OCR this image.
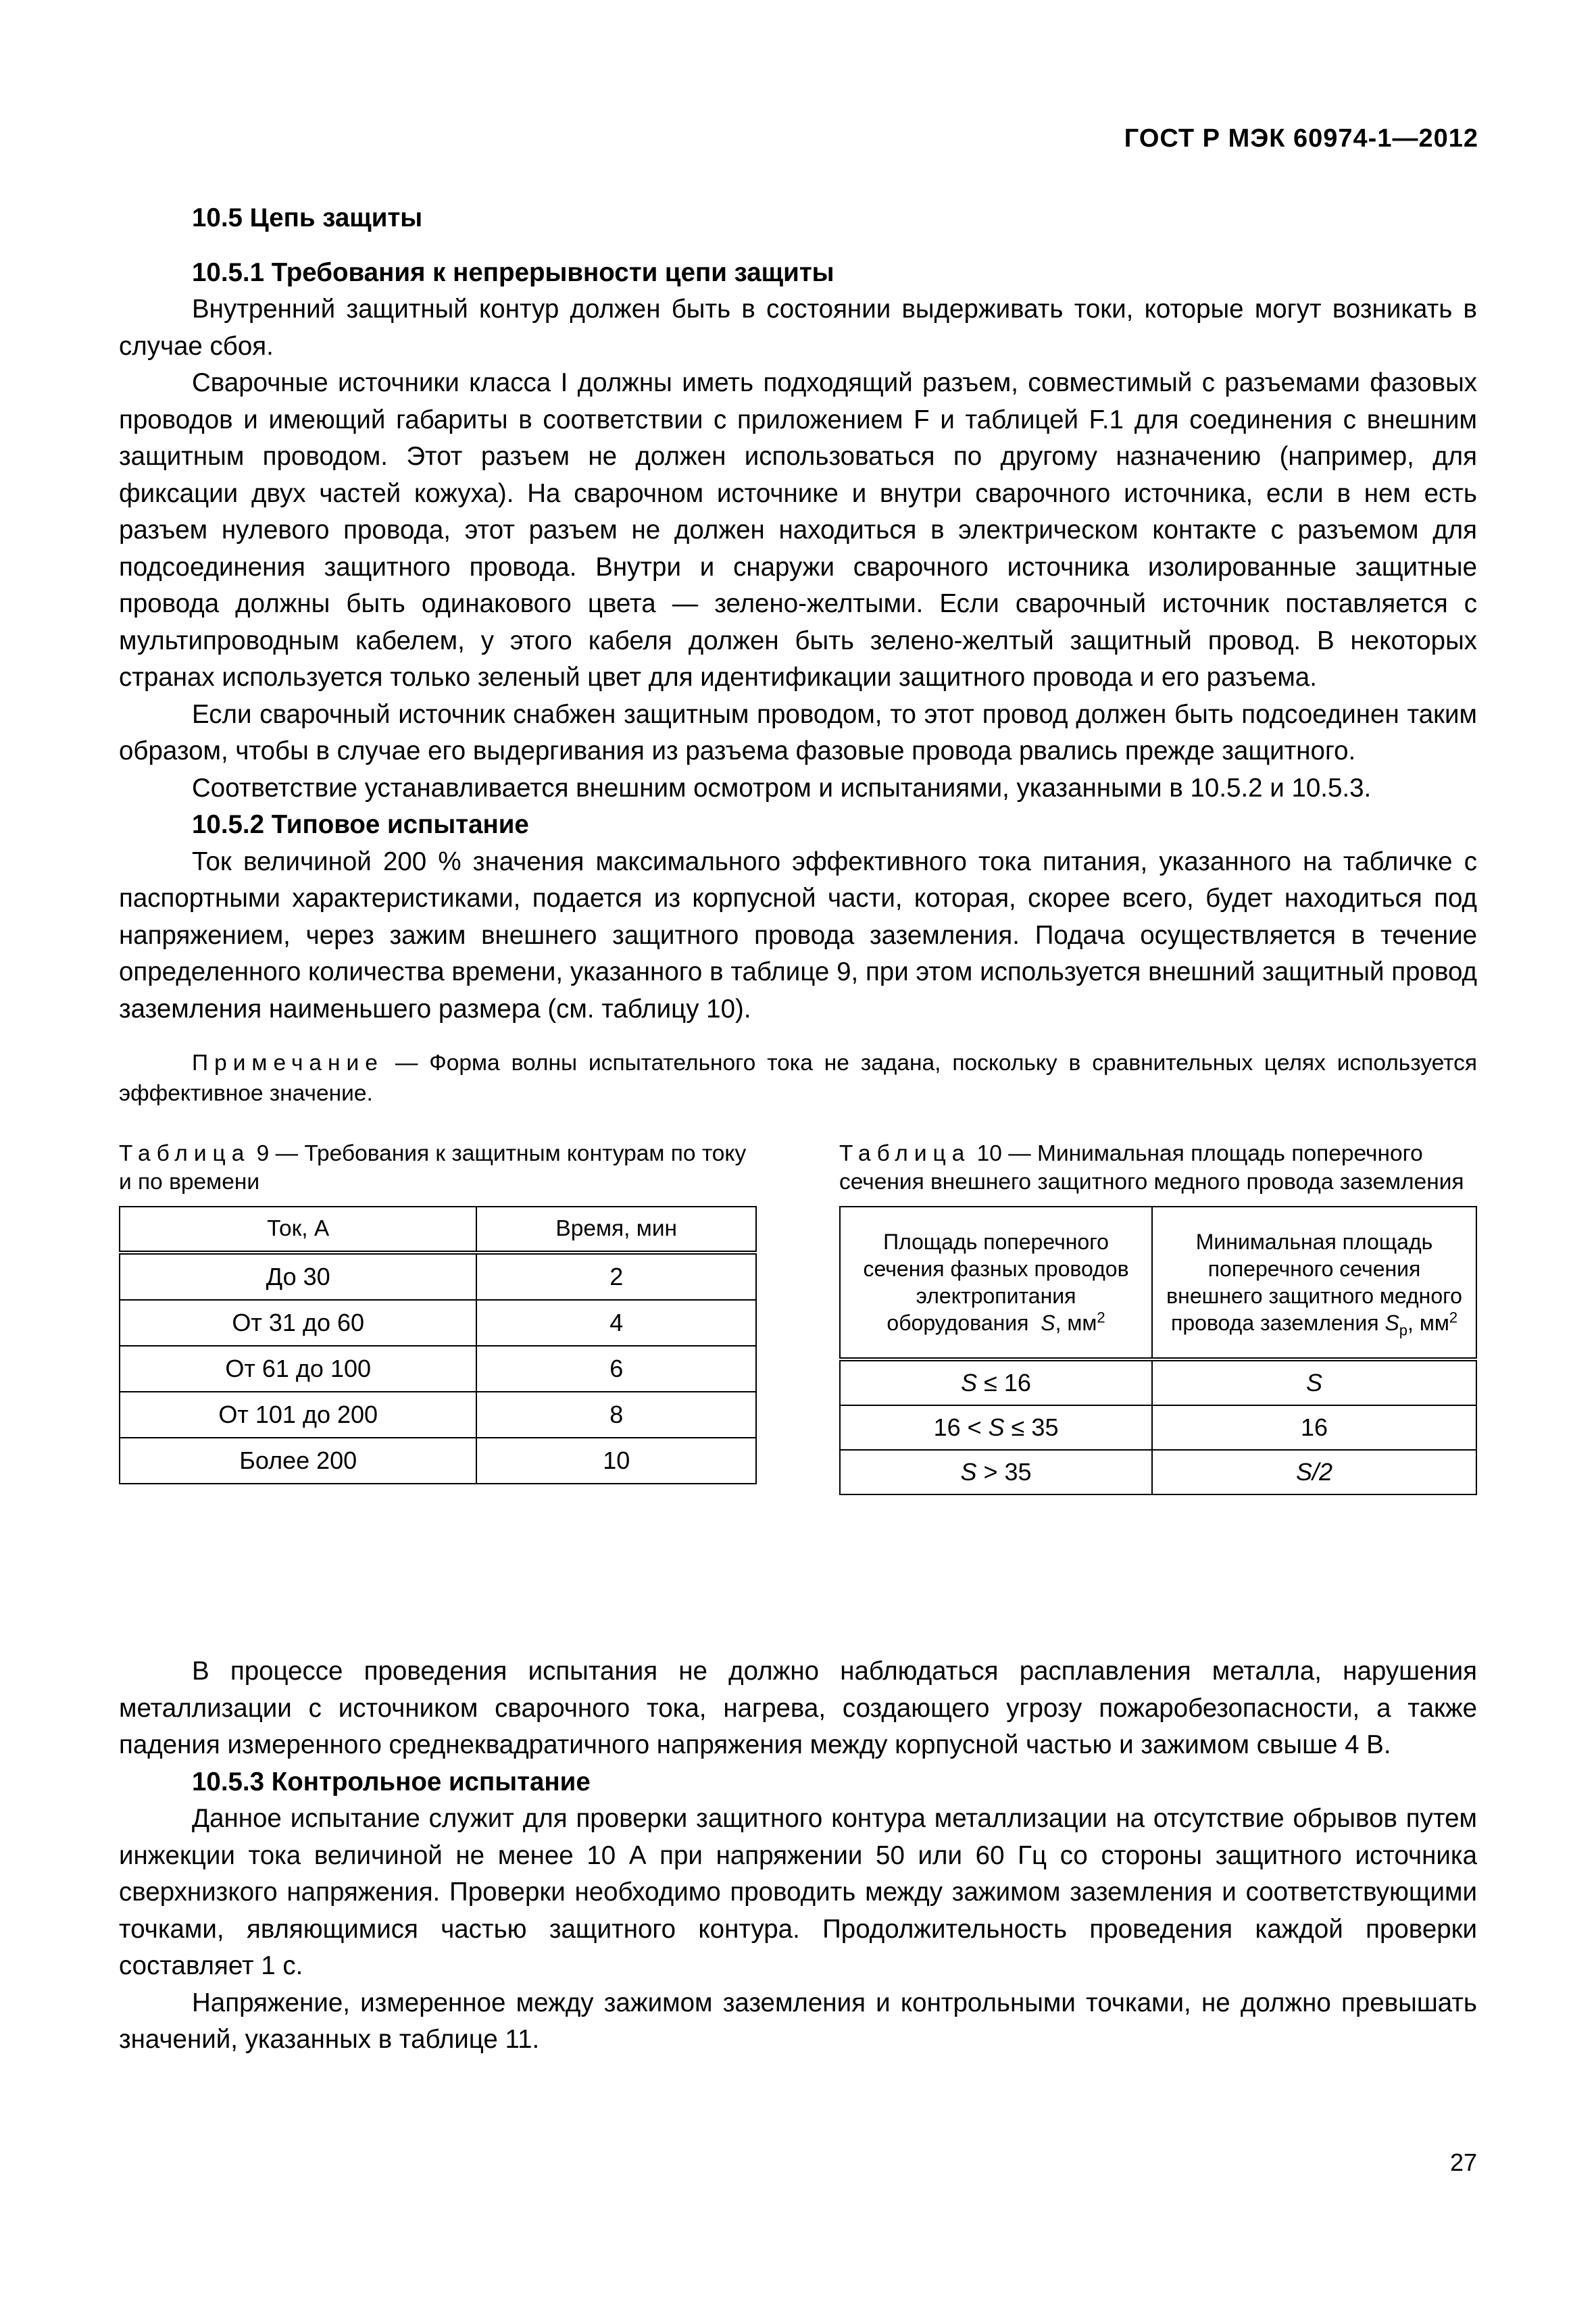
ГОСТ Р МЭК 60974-1—2012

10.5 Цепь защиты

10.5.1 Требования к непрерывности цепи защиты

Внутренний защитный контур должен быть в состоянии выдерживать токи, которые могут возникать в случае сбоя.

Сварочные источники класса I должны иметь подходящий разъем, совместимый с разъемами фазовых проводов и имеющий габариты в соответствии с приложением F и таблицей F.1 для соединения с внешним защитным проводом. Этот разъем не должен использоваться по другому назначению (например, для фиксации двух частей кожуха). На сварочном источнике и внутри сварочного источника, если в нем есть разъем нулевого провода, этот разъем не должен находиться в электрическом контакте с разъемом для подсоединения защитного провода. Внутри и снаружи сварочного источника изолированные защитные провода должны быть одинакового цвета — зелено-желтыми. Если сварочный источник поставляется с мультипроводным кабелем, у этого кабеля должен быть зелено-желтый защитный провод. В некоторых странах используется только зеленый цвет для идентификации защитного провода и его разъема.

Если сварочный источник снабжен защитным проводом, то этот провод должен быть подсоединен таким образом, чтобы в случае его выдергивания из разъема фазовые провода рвались прежде защитного.

Соответствие устанавливается внешним осмотром и испытаниями, указанными в 10.5.2 и 10.5.3.

10.5.2 Типовое испытание

Ток величиной 200 % значения максимального эффективного тока питания, указанного на табличке с паспортными характеристиками, подается из корпусной части, которая, скорее всего, будет находиться под напряжением, через зажим внешнего защитного провода заземления. Подача осуществляется в течение определенного количества времени, указанного в таблице 9, при этом используется внешний защитный провод заземления наименьшего размера (см. таблицу 10).

Примечание — Форма волны испытательного тока не задана, поскольку в сравнительных целях используется эффективное значение.

Таблица 9 — Требования к защитным контурам по току и по времени

Ток, А	Время, мин
До 30	2
От 31 до 60	4
От 61 до 100	6
От 101 до 200	8
Более 200	10

Таблица 10 — Минимальная площадь поперечного сечения внешнего защитного медного провода заземления

Площадь поперечного сечения фазных проводов электропитания оборудования S, $мм^2$	Минимальная площадь поперечного сечения внешнего защитного медного провода заземления $S_p$, $мм^2$
S ≤ 16	S
16 < S ≤ 35	16
S > 35	S/2

В процессе проведения испытания не должно наблюдаться расплавления металла, нарушения металлизации с источником сварочного тока, нагрева, создающего угрозу пожаробезопасности, а также падения измеренного среднеквадратичного напряжения между корпусной частью и зажимом свыше 4 В.

10.5.3 Контрольное испытание

Данное испытание служит для проверки защитного контура металлизации на отсутствие обрывов путем инжекции тока величиной не менее 10 А при напряжении 50 или 60 Гц со стороны защитного источника сверхнизкого напряжения. Проверки необходимо проводить между зажимом заземления и соответствующими точками, являющимися частью защитного контура. Продолжительность проведения каждой проверки составляет 1 с.

Напряжение, измеренное между зажимом заземления и контрольными точками, не должно превышать значений, указанных в таблице 11.

27
